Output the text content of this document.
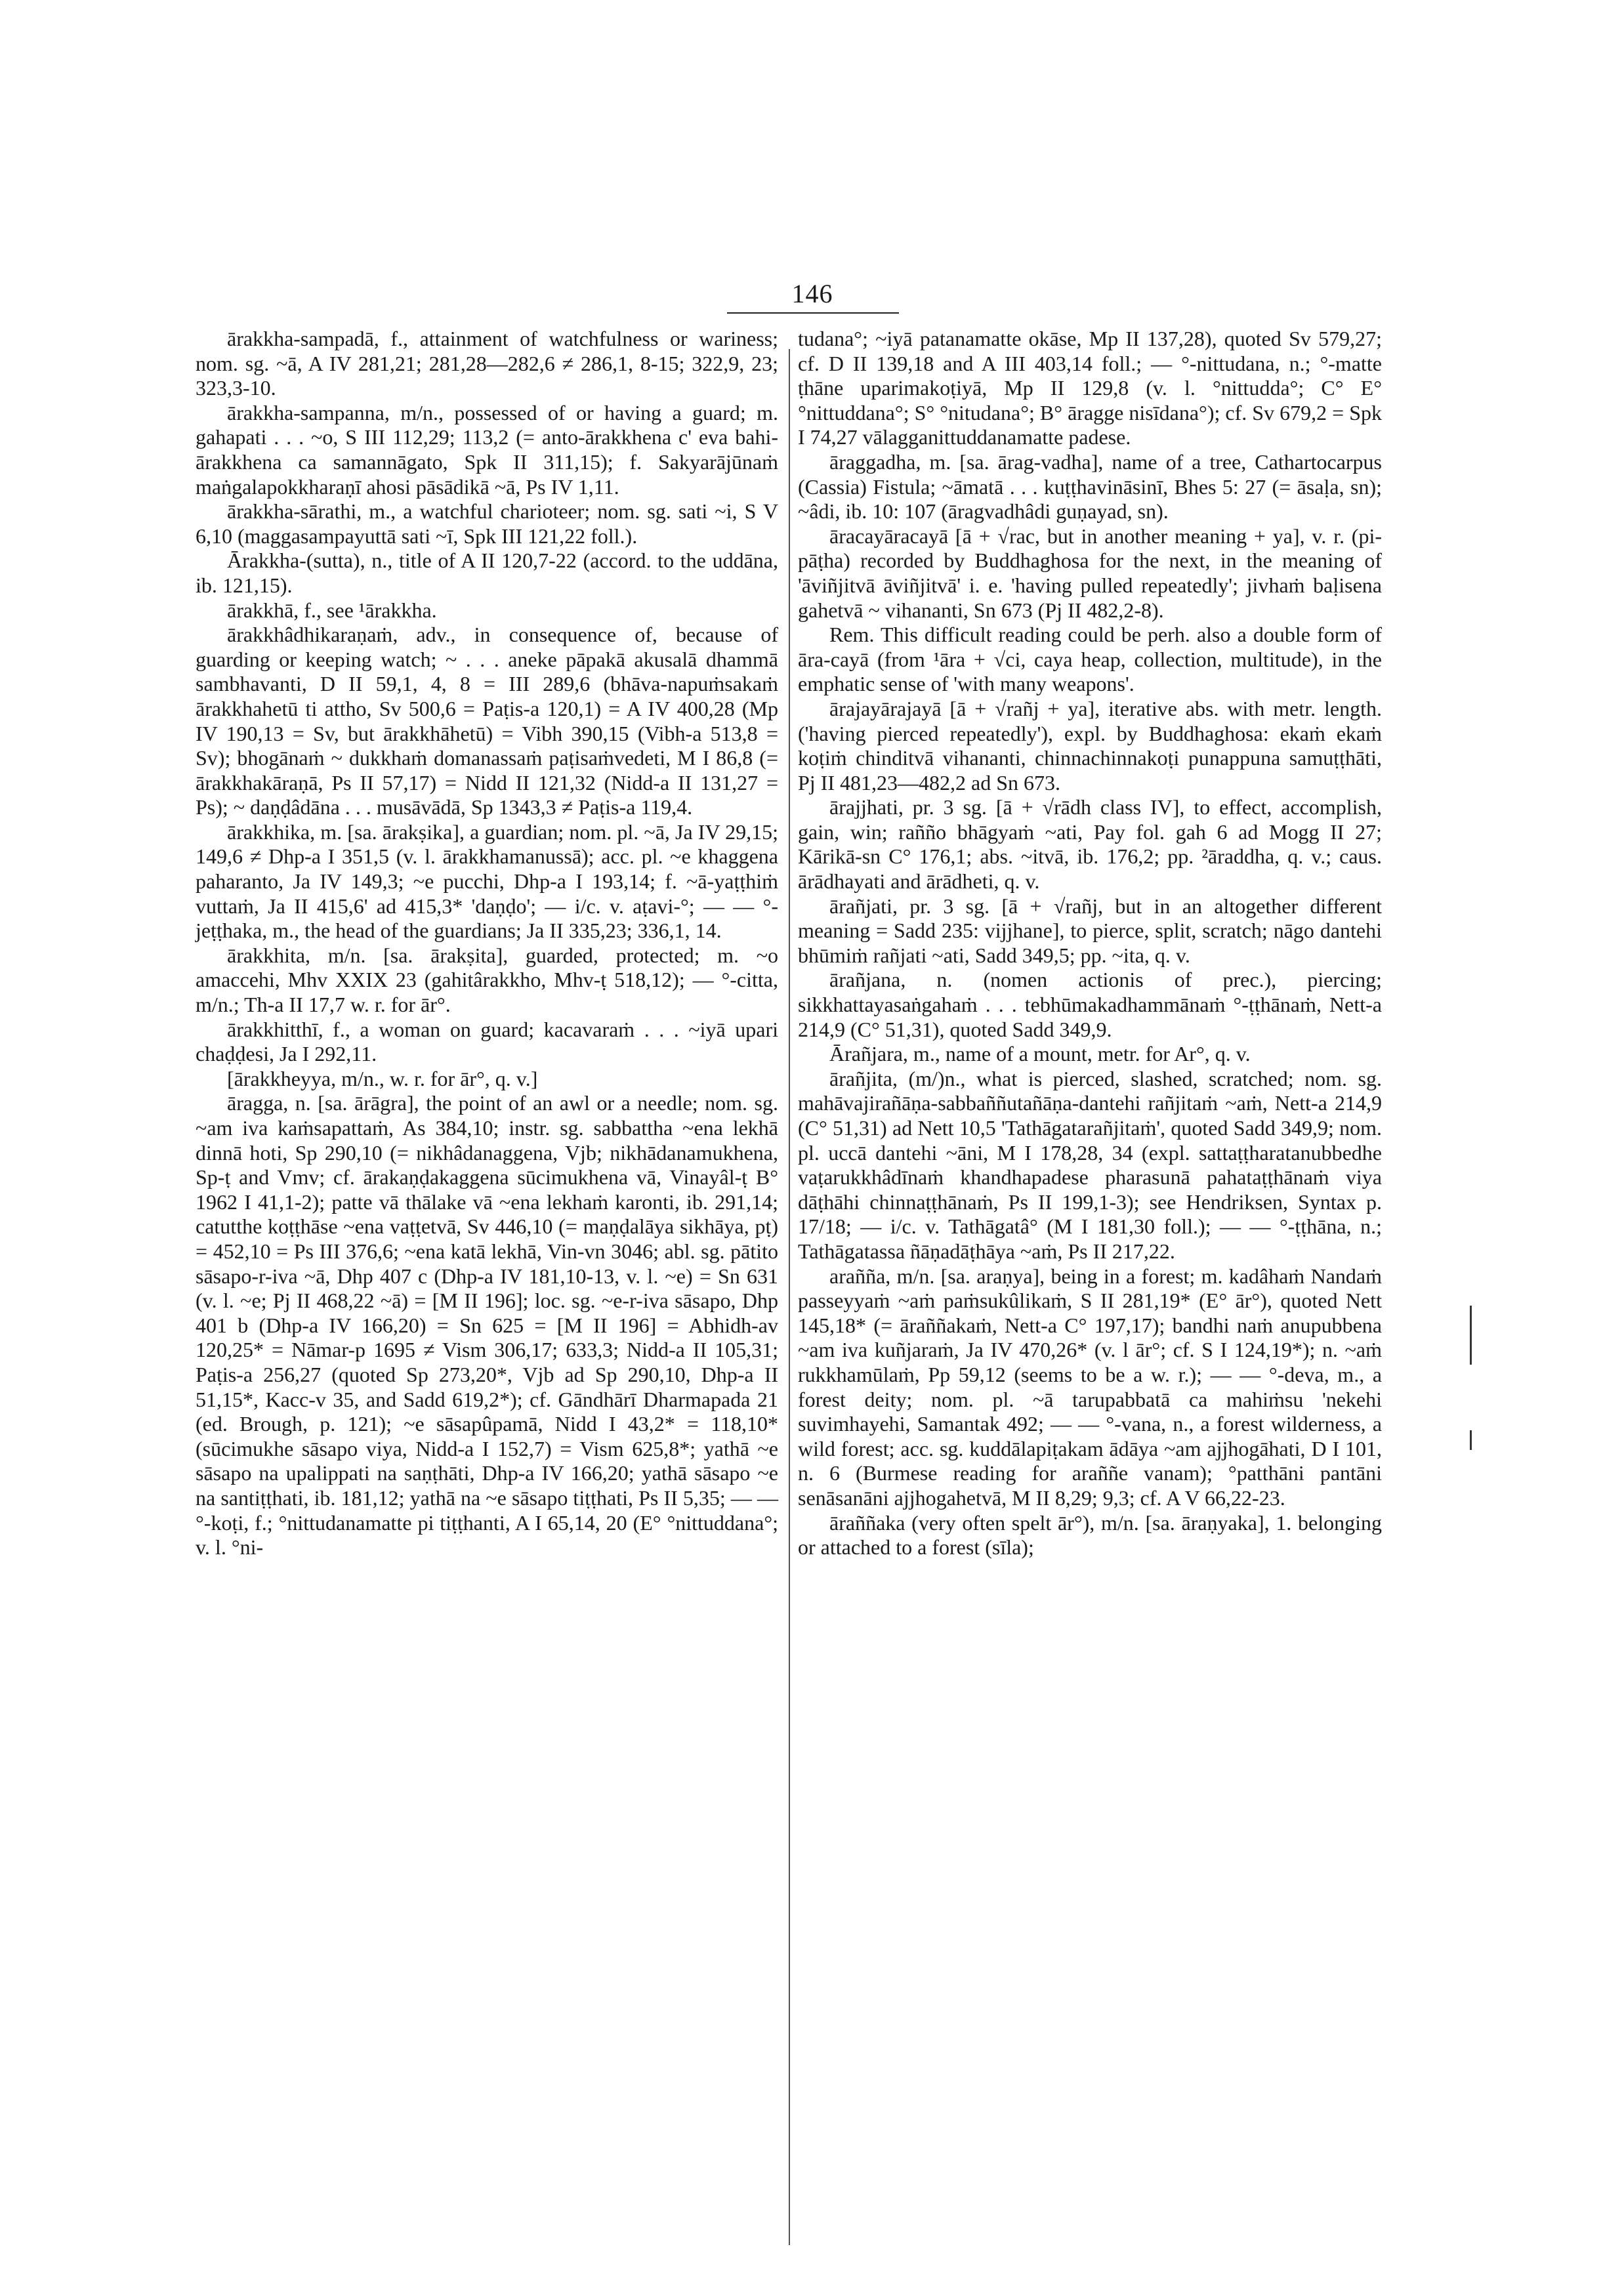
146

ārakkha-sampadā, f., attainment of watchfulness or wariness; nom. sg. ~ā, A IV 281,21; 281,28—282,6 ≠ 286,1, 8-15; 322,9, 23; 323,3-10.

ārakkha-sampanna, m/n., possessed of or having a guard; m. gahapati . . . ~o, S III 112,29; 113,2 (= anto-ārakkhena c' eva bahi-ārakkhena ca samannāgato, Spk II 311,15); f. Sakyarājūnaṁ maṅgalapokkharaṇī ahosi pāsādikā ~ā, Ps IV 1,11.

ārakkha-sārathi, m., a watchful charioteer; nom. sg. sati ~i, S V 6,10 (maggasampayuttā sati ~ī, Spk III 121,22 foll.).

Ārakkha-(sutta), n., title of A II 120,7-22 (accord. to the uddāna, ib. 121,15).

ārakkhā, f., see ¹ārakkha.

ārakkhâdhikaraṇaṁ, adv., in consequence of, because of guarding or keeping watch; ~ . . . aneke pāpakā akusalā dhammā sambhavanti, D II 59,1, 4, 8 = III 289,6 (bhāva-napuṁsakaṁ ārakkhahetū ti attho, Sv 500,6 = Paṭis-a 120,1) = A IV 400,28 (Mp IV 190,13 = Sv, but ārakkhāhetū) = Vibh 390,15 (Vibh-a 513,8 = Sv); bhogānaṁ ~ dukkhaṁ domanassaṁ paṭisaṁvedeti, M I 86,8 (= ārakkhakāraṇā, Ps II 57,17) = Nidd II 121,32 (Nidd-a II 131,27 = Ps); ~ daṇḍâdāna . . . musāvādā, Sp 1343,3 ≠ Paṭis-a 119,4.

ārakkhika, m. [sa. ārakṣika], a guardian; nom. pl. ~ā, Ja IV 29,15; 149,6 ≠ Dhp-a I 351,5 (v. l. ārakkhamanussā); acc. pl. ~e khaggena paharanto, Ja IV 149,3; ~e pucchi, Dhp-a I 193,14; f. ~ā-yaṭṭhiṁ vuttaṁ, Ja II 415,6' ad 415,3* 'daṇḍo'; — i/c. v. aṭavi-°; — — °-jeṭṭhaka, m., the head of the guardians; Ja II 335,23; 336,1, 14.

ārakkhita, m/n. [sa. ārakṣita], guarded, protected; m. ~o amaccehi, Mhv XXIX 23 (gahitârakkho, Mhv-ṭ 518,12); — °-citta, m/n.; Th-a II 17,7 w. r. for ār°.

ārakkhitthī, f., a woman on guard; kacavaraṁ . . . ~iyā upari chaḍḍesi, Ja I 292,11.

[ārakkheyya, m/n., w. r. for ār°, q. v.]

āragga, n. [sa. ārāgra], the point of an awl or a needle; nom. sg. ~am iva kaṁsapattaṁ, As 384,10; instr. sg. sabbattha ~ena lekhā dinnā hoti, Sp 290,10 (= nikhâdanaggena, Vjb; nikhādanamukhena, Sp-ṭ and Vmv; cf. ārakaṇḍakaggena sūcimukhena vā, Vinayâl-ṭ B° 1962 I 41,1-2); patte vā thālake vā ~ena lekhaṁ karonti, ib. 291,14; catutthe koṭṭhāse ~ena vaṭṭetvā, Sv 446,10 (= maṇḍalāya sikhāya, pṭ) = 452,10 = Ps III 376,6; ~ena katā lekhā, Vin-vn 3046; abl. sg. pātito sāsapo-r-iva ~ā, Dhp 407 c (Dhp-a IV 181,10-13, v. l. ~e) = Sn 631 (v. l. ~e; Pj II 468,22 ~ā) = [M II 196]; loc. sg. ~e-r-iva sāsapo, Dhp 401 b (Dhp-a IV 166,20) = Sn 625 = [M II 196] = Abhidh-av 120,25* = Nāmar-p 1695 ≠ Vism 306,17; 633,3; Nidd-a II 105,31; Paṭis-a 256,27 (quoted Sp 273,20*, Vjb ad Sp 290,10, Dhp-a II 51,15*, Kacc-v 35, and Sadd 619,2*); cf. Gāndhārī Dharmapada 21 (ed. Brough, p. 121); ~e sāsapûpamā, Nidd I 43,2* = 118,10* (sūcimukhe sāsapo viya, Nidd-a I 152,7) = Vism 625,8*; yathā ~e sāsapo na upalippati na saṇṭhāti, Dhp-a IV 166,20; yathā sāsapo ~e na santiṭṭhati, ib. 181,12; yathā na ~e sāsapo tiṭṭhati, Ps II 5,35; — — °-koṭi, f.; °nittudanamatte pi tiṭṭhanti, A I 65,14, 20 (E° °nittuddana°; v. l. °ni-

tudana°; ~iyā patanamatte okāse, Mp II 137,28), quoted Sv 579,27; cf. D II 139,18 and A III 403,14 foll.; — °-nittudana, n.; °-matte ṭhāne uparimakoṭiyā, Mp II 129,8 (v. l. °nittudda°; C° E° °nittuddana°; S° °nitudana°; B° āragge nisīdana°); cf. Sv 679,2 = Spk I 74,27 vālagganittuddanamatte padese.

āraggadha, m. [sa. ārag-vadha], name of a tree, Cathartocarpus (Cassia) Fistula; ~āmatā . . . kuṭṭhavināsinī, Bhes 5: 27 (= āsaḷa, sn); ~âdi, ib. 10: 107 (āragvadhâdi guṇayad, sn).

āracayāracayā [ā + √rac, but in another meaning + ya], v. r. (pi-pāṭha) recorded by Buddhaghosa for the next, in the meaning of 'āviñjitvā āviñjitvā' i. e. 'having pulled repeatedly'; jivhaṁ baḷisena gahetvā ~ vihananti, Sn 673 (Pj II 482,2-8).

Rem. This difficult reading could be perh. also a double form of āra-cayā (from ¹āra + √ci, caya heap, collection, multitude), in the emphatic sense of 'with many weapons'.

ārajayārajayā [ā + √rañj + ya], iterative abs. with metr. length. ('having pierced repeatedly'), expl. by Buddhaghosa: ekaṁ ekaṁ koṭiṁ chinditvā vihananti, chinnachinnakoṭi punappuna samuṭṭhāti, Pj II 481,23—482,2 ad Sn 673.

ārajjhati, pr. 3 sg. [ā + √rādh class IV], to effect, accomplish, gain, win; rañño bhāgyaṁ ~ati, Pay fol. gah 6 ad Mogg II 27; Kārikā-sn C° 176,1; abs. ~itvā, ib. 176,2; pp. ²āraddha, q. v.; caus. ārādhayati and ārādheti, q. v.

ārañjati, pr. 3 sg. [ā + √rañj, but in an altogether different meaning = Sadd 235: vijjhane], to pierce, split, scratch; nāgo dantehi bhūmiṁ rañjati ~ati, Sadd 349,5; pp. ~ita, q. v.

ārañjana, n. (nomen actionis of prec.), piercing; sikkhattayasaṅgahaṁ . . . tebhūmakadhammānaṁ °-ṭṭhānaṁ, Nett-a 214,9 (C° 51,31), quoted Sadd 349,9.

Ārañjara, m., name of a mount, metr. for Ar°, q. v.

ārañjita, (m/)n., what is pierced, slashed, scratched; nom. sg. mahāvajirañāṇa-sabbaññutañāṇa-dantehi rañjitaṁ ~aṁ, Nett-a 214,9 (C° 51,31) ad Nett 10,5 'Tathāgatarañjitaṁ', quoted Sadd 349,9; nom. pl. uccā dantehi ~āni, M I 178,28, 34 (expl. sattaṭṭharatanubbedhe vaṭarukkhâdīnaṁ khandhapadese pharasunā pahataṭṭhānaṁ viya dāṭhāhi chinnaṭṭhānaṁ, Ps II 199,1-3); see Hendriksen, Syntax p. 17/18; — i/c. v. Tathāgatâ° (M I 181,30 foll.); — — °-ṭṭhāna, n.; Tathāgatassa ñāṇadāṭhāya ~aṁ, Ps II 217,22.

arañña, m/n. [sa. araṇya], being in a forest; m. kadâhaṁ Nandaṁ passeyyaṁ ~aṁ paṁsukûlikaṁ, S II 281,19* (E° ār°), quoted Nett 145,18* (= āraññakaṁ, Nett-a C° 197,17); bandhi naṁ anupubbena ~am iva kuñjaraṁ, Ja IV 470,26* (v. l ār°; cf. S I 124,19*); n. ~aṁ rukkhamūlaṁ, Pp 59,12 (seems to be a w. r.); — — °-deva, m., a forest deity; nom. pl. ~ā tarupabbatā ca mahiṁsu 'nekehi suvimhayehi, Samantak 492; — — °-vana, n., a forest wilderness, a wild forest; acc. sg. kuddālapiṭakam ādāya ~am ajjhogāhati, D I 101, n. 6 (Burmese reading for araññe vanam); °patthāni pantāni senāsanāni ajjhogahetvā, M II 8,29; 9,3; cf. A V 66,22-23.

āraññaka (very often spelt ār°), m/n. [sa. āraṇyaka], 1. belonging or attached to a forest (sīla);
